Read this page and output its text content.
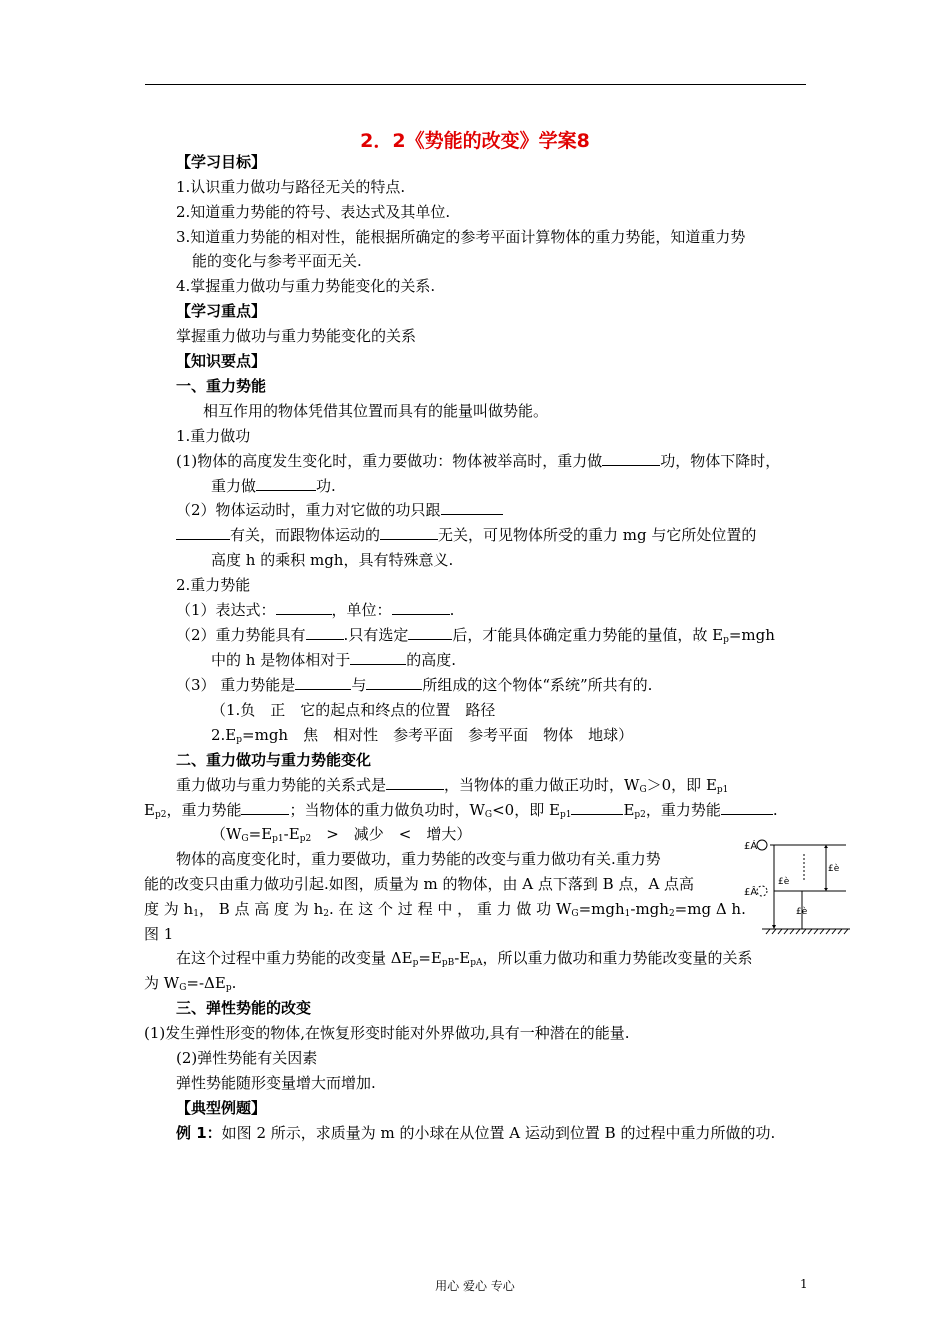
2．2《势能的改变》学案8
【学习目标】
1.认识重力做功与路径无关的特点.
2.知道重力势能的符号、表达式及其单位.
3.知道重力势能的相对性，能根据所确定的参考平面计算物体的重力势能，知道重力势
能的变化与参考平面无关.
4.掌握重力做功与重力势能变化的关系.
【学习重点】
掌握重力做功与重力势能变化的关系
【知识要点】
一、重力势能
相互作用的物体凭借其位置而具有的能量叫做势能。
1.重力做功
(1)物体的高度发生变化时，重力要做功：物体被举高时，重力做	功，物体下降时，
重力做	功.
（2）物体运动时，重力对它做的功只跟
有关，而跟物体运动的	无关，可见物体所受的重力 mg 与它所处位置的
高度 h 的乘积 mgh，具有特殊意义.
2.重力势能
（1）表达式：	，单位：	.
（2）重力势能具有	.只有选定	后，才能具体确定重力势能的量值，故 $E_p=mgh$
中的 h 是物体相对于	的高度.
（3） 重力势能是	与	所组成的这个物体“系统”所共有的.
（1.负　正　它的起点和终点的位置　路径
$2.E_p=mgh$　焦　相对性　参考平面　参考平面　物体　地球）
二、重力做功与重力势能变化
重力做功与重力势能的关系式是	，当物体的重力做正功时，$W_G>0$，即 $E_{p1}$
$E_{p2}$，重力势能	；当物体的重力做负功时，$W_G<0$，即 $E_{p1}$	$E_{p2}$，重力势能	.
（$W_G=E_{p1}-E_{p2}$　>　减少　<　增大）
物体的高度变化时，重力要做功，重力势能的改变与重力做功有关.重力势
能的改变只由重力做功引起.如图，质量为 m 的物体，由 A 点下落到 B 点，A 点高
度 为 $h_1$， B 点 高 度 为 $h_2$. 在 这 个 过 程 中 ， 重 力 做 功 $W_G=mgh_1-mgh_2=mg$ Δ h.
图 1
£Á
£Â
£è
£è
£è
在这个过程中重力势能的改变量 $\Delta E_p=E_{pB}-E_{pA}$，所以重力做功和重力势能改变量的关系
为 $W_G=-\Delta E_p$.
三、弹性势能的改变
(1)发生弹性形变的物体,在恢复形变时能对外界做功,具有一种潜在的能量.
(2)弹性势能有关因素
弹性势能随形变量增大而增加.
【典型例题】
例 1：如图 2 所示，求质量为 m 的小球在从位置 A 运动到位置 B 的过程中重力所做的功.
用心 爱心 专心	1
